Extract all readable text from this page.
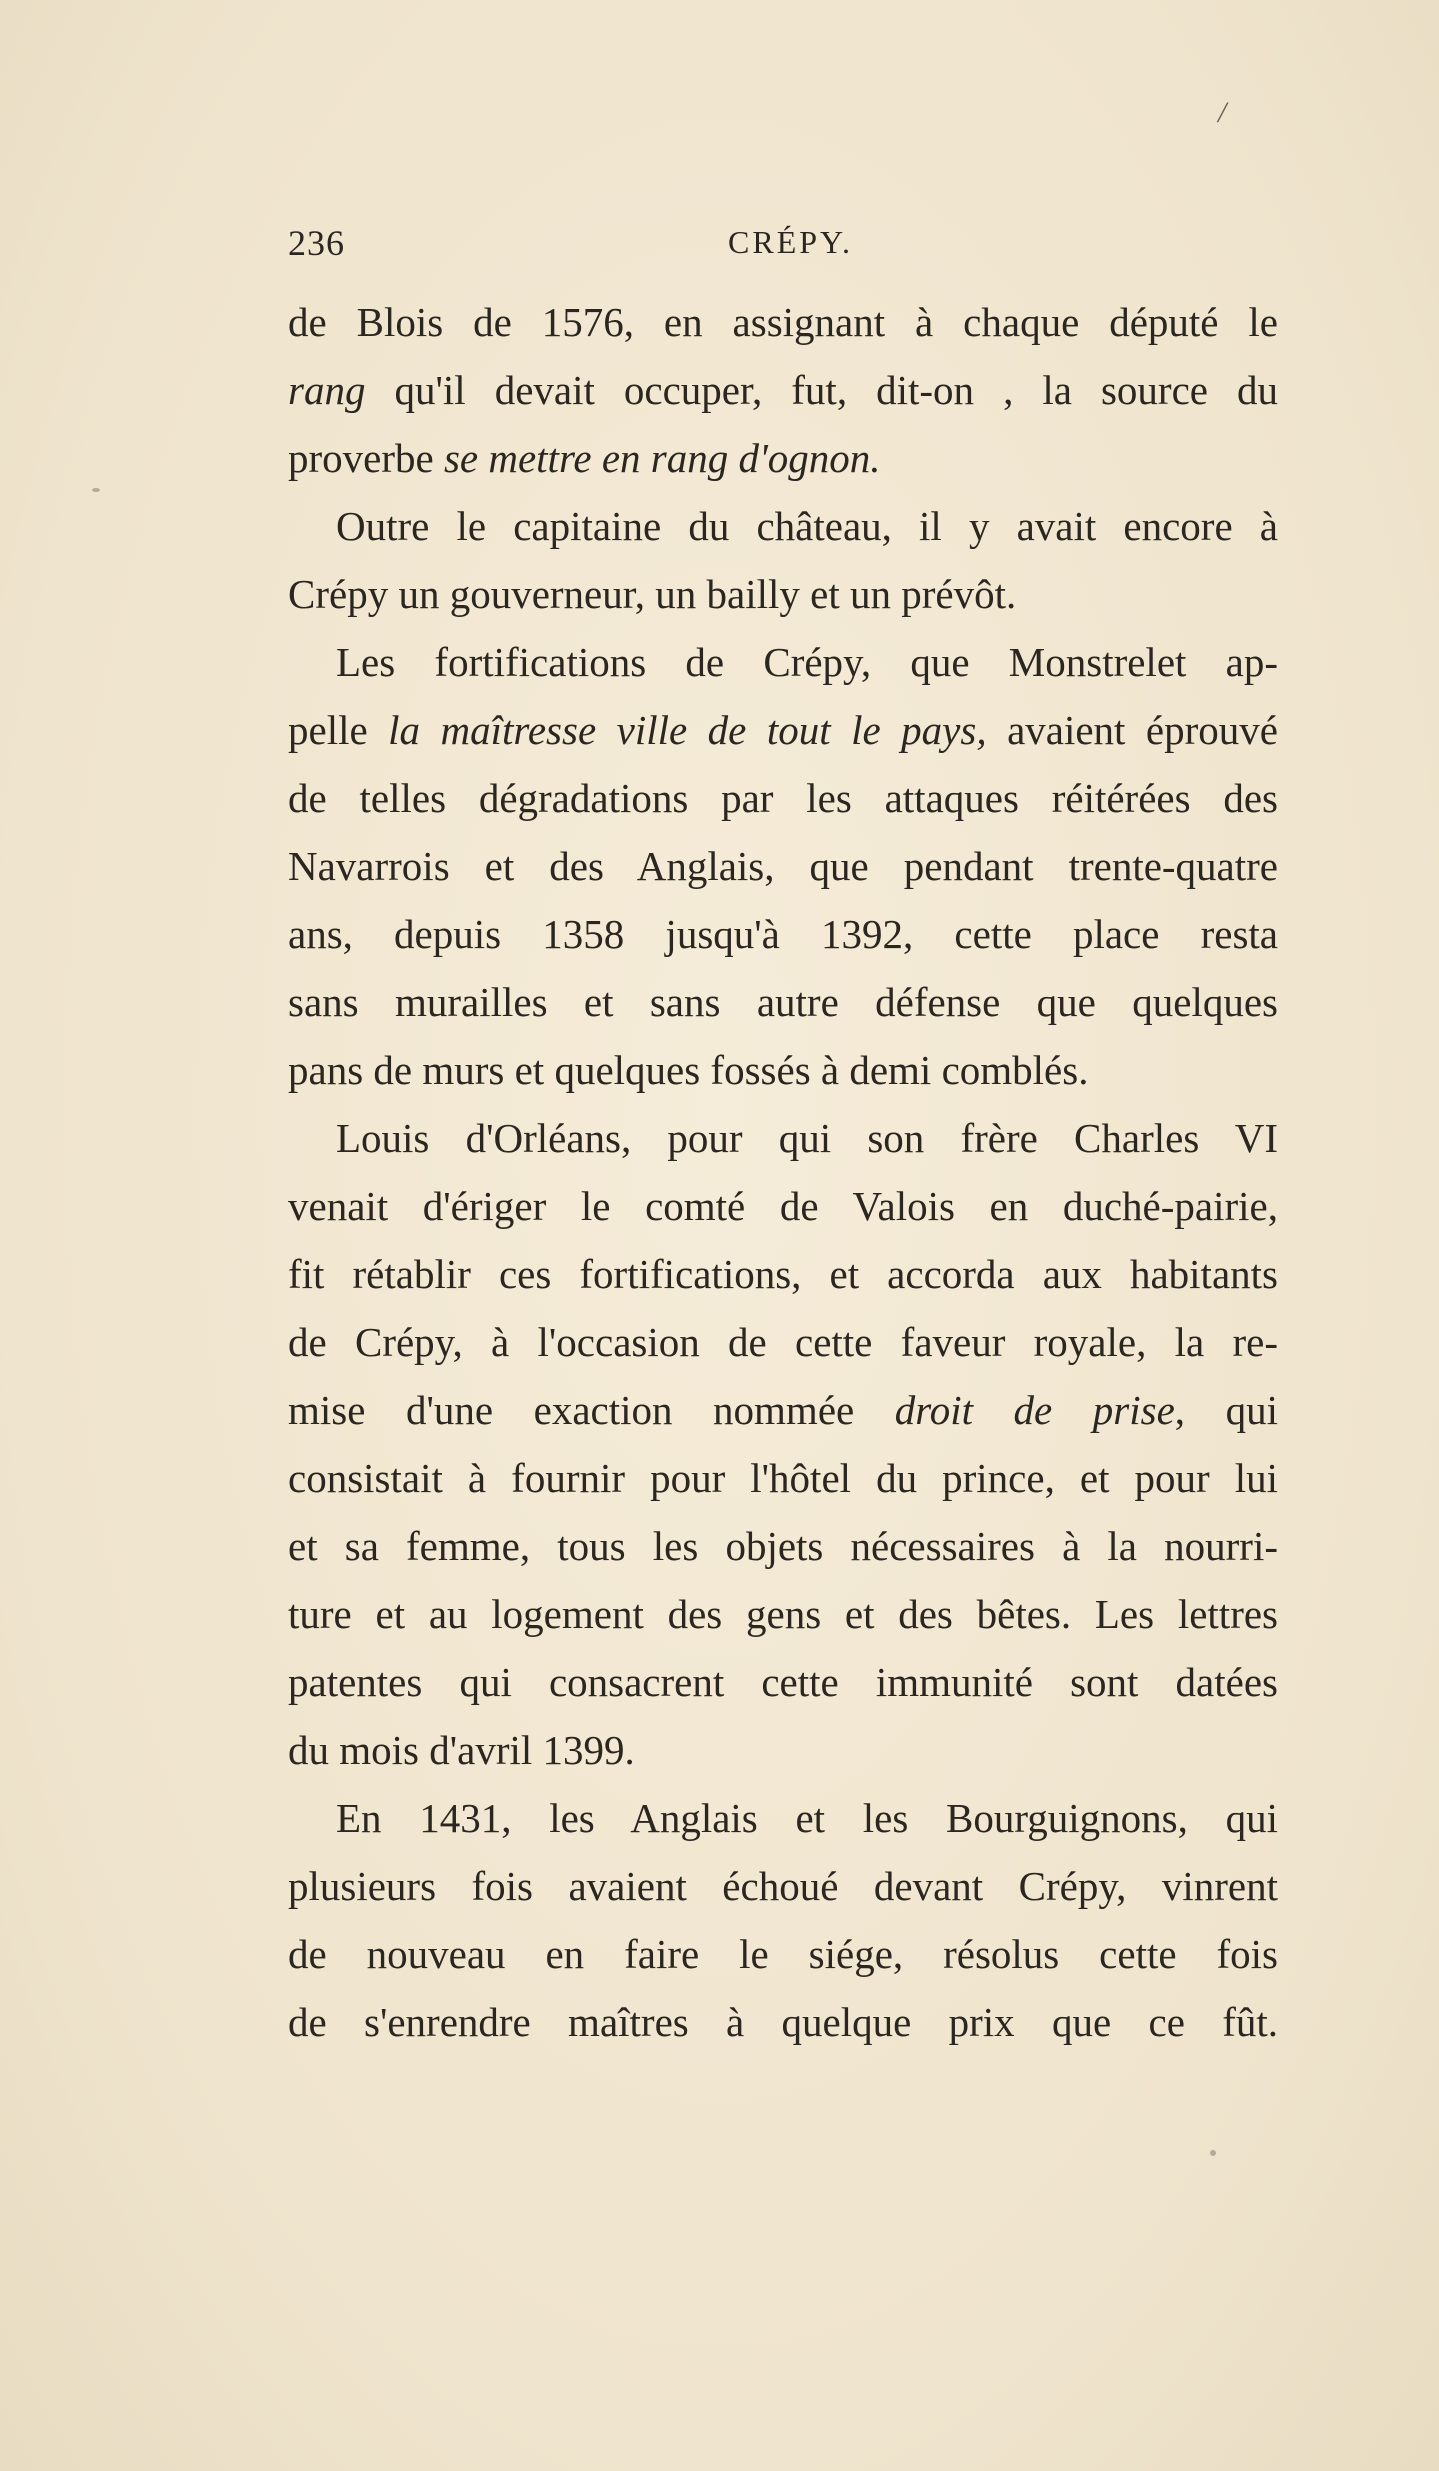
/
236	CRÉPY.
de Blois de 1576, en assignant à chaque député le
rang qu'il devait occuper, fut, dit-on , la source du
proverbe se mettre en rang d'ognon.
Outre le capitaine du château, il y avait encore à
Crépy un gouverneur, un bailly et un prévôt.
Les fortifications de Crépy, que Monstrelet ap-
pelle la maîtresse ville de tout le pays, avaient éprouvé
de telles dégradations par les attaques réitérées des
Navarrois et des Anglais, que pendant trente-quatre
ans, depuis 1358 jusqu'à 1392, cette place resta
sans murailles et sans autre défense que quelques
pans de murs et quelques fossés à demi comblés.
Louis d'Orléans, pour qui son frère Charles VI
venait d'ériger le comté de Valois en duché-pairie,
fit rétablir ces fortifications, et accorda aux habitants
de Crépy, à l'occasion de cette faveur royale, la re-
mise d'une exaction nommée droit de prise, qui
consistait à fournir pour l'hôtel du prince, et pour lui
et sa femme, tous les objets nécessaires à la nourri-
ture et au logement des gens et des bêtes. Les lettres
patentes qui consacrent cette immunité sont datées
du mois d'avril 1399.
En 1431, les Anglais et les Bourguignons, qui
plusieurs fois avaient échoué devant Crépy, vinrent
de nouveau en faire le siége, résolus cette fois
de s'enrendre maîtres à quelque prix que ce fût.
